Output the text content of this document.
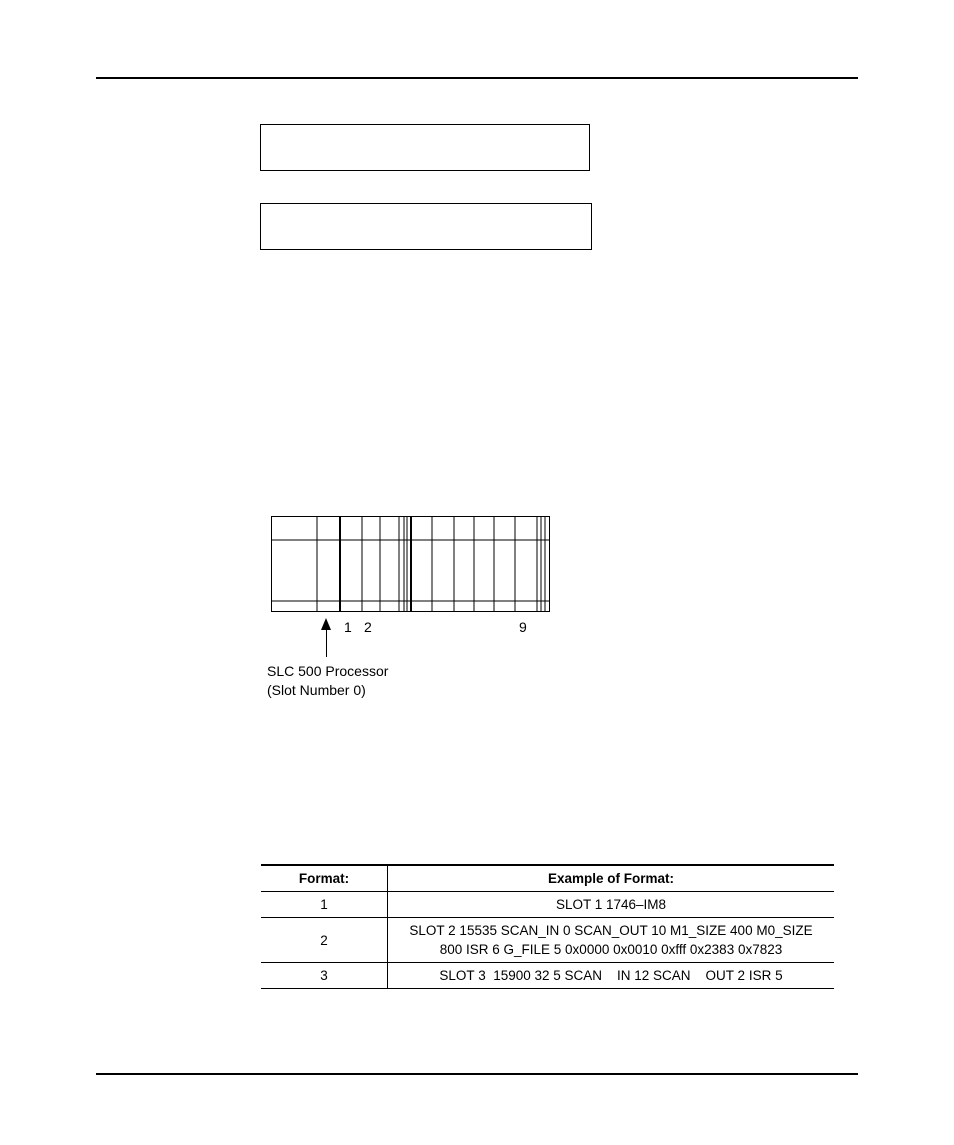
1 2	9
SLC 500 Processor
(Slot Number 0)
Format:	Example of Format:
1	SLOT 1 1746–IM8

2	SLOT 2 15535 SCAN_IN 0 SCAN_OUT 10 M1_SIZE 400 M0_SIZE
800 ISR 6 G_FILE 5 0x0000 0x0010 0xfff 0x2383 0x7823

3	SLOT 3  15900 32 5 SCAN    IN 12 SCAN    OUT 2 ISR 5
